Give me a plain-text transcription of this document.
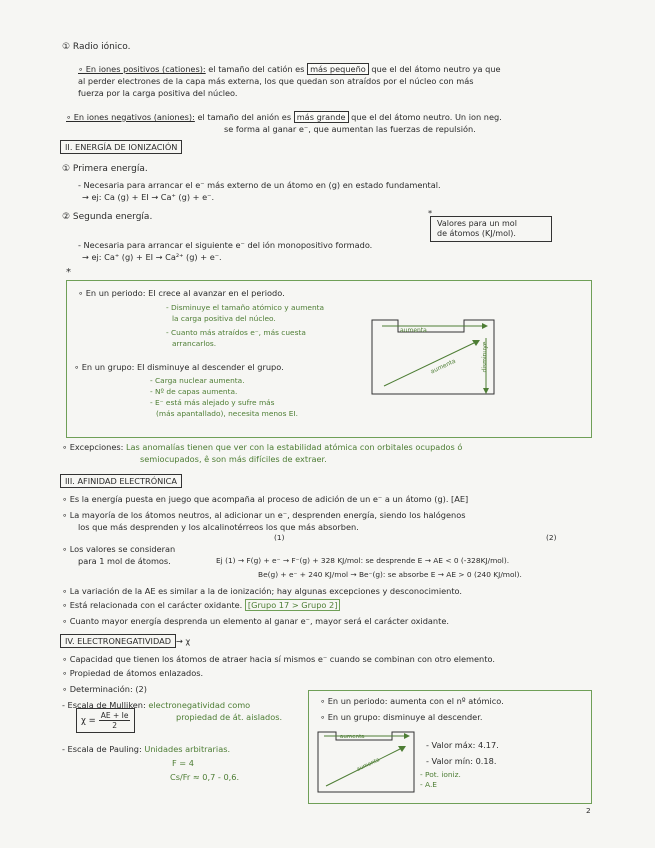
① Radio iónico.
∘ En iones positivos (cationes): el tamaño del catión es más pequeño que el del átomo neutro ya que
al perder electrones de la capa más externa, los que quedan son atraídos por el núcleo con más
fuerza por la carga positiva del núcleo.
∘ En iones negativos (aniones): el tamaño del anión es más grande que el del átomo neutro. Un ion neg.
se forma al ganar e⁻, que aumentan las fuerzas de repulsión.
II. ENERGÍA DE IONIZACIÓN
① Primera energía.
- Necesaria para arrancar el e⁻ más externo de un átomo en (g) en estado fundamental.
→ ej: Ca (g) + EI → Ca⁺ (g) + e⁻.
② Segunda energía.
- Necesaria para arrancar el siguiente e⁻ del ión monopositivo formado.
→ ej: Ca⁺ (g) + EI → Ca²⁺ (g) + e⁻.
*
Valores para un mol
de átomos (KJ/mol).
*
∘ En un periodo: EI crece al avanzar en el periodo.
- Disminuye el tamaño atómico y aumenta
la carga positiva del núcleo.
- Cuanto más atraídos e⁻, más cuesta
arrancarlos.
∘ En un grupo: EI disminuye al descender el grupo.
- Carga nuclear aumenta.
- Nº de capas aumenta.
- E⁻ está más alejado y sufre más
(más apantallado), necesita menos EI.
aumenta
aumenta	disminuye
∘ Excepciones: Las anomalías tienen que ver con la estabilidad atómica con orbitales ocupados ó
semiocupados, ê son más difíciles de extraer.
III. AFINIDAD ELECTRÓNICA
∘ Es la energía puesta en juego que acompaña al proceso de adición de un e⁻ a un átomo (g). [AE]
∘ La mayoría de los átomos neutros, al adicionar un e⁻, desprenden energía, siendo los halógenos
los que más desprenden y los alcalinotérreos los que más absorben.
(1)	(2)
∘ Los valores se consideran
para 1 mol de átomos.	Ej (1) → F(g) + e⁻ → F⁻(g) + 328 KJ/mol: se desprende E → AE < 0 (-328KJ/mol).
Be(g) + e⁻ + 240 KJ/mol → Be⁻(g): se absorbe E → AE > 0 (240 KJ/mol).
∘ La variación de la AE es similar a la de ionización; hay algunas excepciones y desconocimiento.
∘ Está relacionada con el carácter oxidante. [Grupo 17 > Grupo 2]
∘ Cuanto mayor energía desprenda un elemento al ganar e⁻, mayor será el carácter oxidante.
IV. ELECTRONEGATIVIDAD → χ
∘ Capacidad que tienen los átomos de atraer hacia sí mismos e⁻ cuando se combinan con otro elemento.
∘ Propiedad de átomos enlazados.
∘ Determinación: (2)
- Escala de Mulliken: electronegatividad como
propiedad de át. aislados.
$\chi = \frac{AE + Ie}{2}$
- Escala de Pauling: Unidades arbitrarias.
F = 4
Cs/Fr ≈ 0,7 - 0,6.
∘ En un periodo: aumenta con el nº atómico.
∘ En un grupo: disminuye al descender.
aumenta
aumenta
- Valor máx: 4.17.
- Valor mín: 0.18.
- Pot. ioniz.
- A.E
2
